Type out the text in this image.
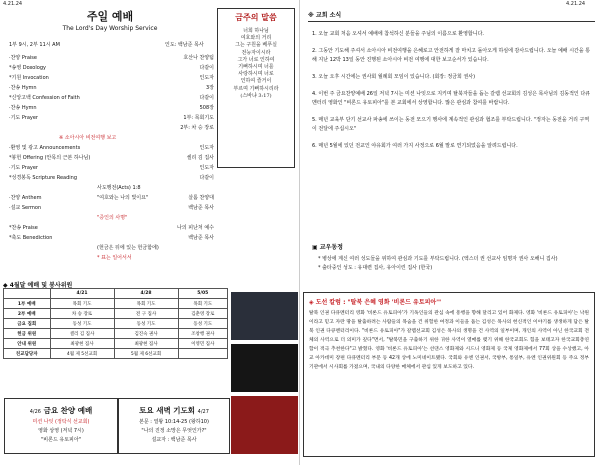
4.21.24	4.21.24
주일 예배
The Lord's Day Worship Service
1부 9시, 2부 11시 AM	인도: 백남준 목사
·찬양 Praise	호산나 찬양팀
*송영 Doxology	다같이
*기원 Invocation	인도자
·찬송 Hymn	3장
*신앙고백 Confession of Faith	다같이
·찬송 Hymn	508장
·기도 Prayer	1부: 목회기도
2부: 차 승 장로
※ 소아시아 비전여행 보고
·환영 및 광고 Announcements	인도자
*봉헌 Offering (안목의 근본 하나님)	셀리 김 집사
·기도 Prayer	인도자
*성경봉독 Scripture Reading	다같이
사도행전(Acts) 1:8
·찬양 Anthem	"여호와는 나의 빛이요"	살롬 찬양대
·설교 Sermon	백남준 목사
"증인의 사명"
*찬송 Praise	나의 피난처 예수
*축도 Benediction	백남준 목사
(헌금은 뒤에 있는 헌금함에)
* 표는 일어서서
금주의 말씀
너희 하나님
여호와의 거리
그는 구원을 베푸실
전능자이시라
그가 너로 인하여
기뻐하시며 너를
사랑하시며 너로
인하여 즐거이
부르며 기뻐하시리라
(스바냐 3:17)
◆ 4월달 예배 및 봉사위원
	4/21	4/28	5/05
1부 예배	목회 기도	목회 기도	목회 기도
2부 예배	차 승 장로	전 구 집사	김춘영 장로
금요 집회	동성 기도	동성 기도	동성 기도
헌금 위원	셀리 김 집사	김진숙 권사	조창행 권사
안내 위원	최광현 집사	최광현 집사	이영민 집사
친교담당자	4월 제 5선교회	5월 제 6선교회	
4/26 금요 찬양 예배
미션 나잇 (정탁식 선교회)
영화 상영 (저녁 7시)
"비론드 유토피아"
토요 새벽 기도회 4/27
본문 : 열왕 10:14-25 (왕하10)
"나의 진정 소망은 무엇인가?"
설교자 : 백남준 목사
※ 교회 소식

1. 오늘 교회 처음 오셔서 예배에 참석하신 분들을 주님의 이름으로 환영합니다.

2. 그동안 기도해 주셔서 소아시아 비전여행을 은혜로고 안전하게 잘 마치고 돌아오게 하심에 감사드립니다. 오늘 예배 시간을 통해 지난 12박 13일 동안 진행된 소아시아 비전 여행에 대한 보고순서가 있습니다.

3. 오늘 오후 시간에는 권사회 월례회 모임이 있습니다. (회장: 정금희 권사)

4. 이번 주 금요찬양예배 26일 저녁 7시는 미션 나잇으로 지키며 탈북자들을 돕는 갈렙 선교회의 김성은 목사님의 김동적인 다큐멘터리 영화인 "비론드 유토피아"를 본 교회에서 상영합니다. 많은 관심과 참여를 바랍니다.

5. 매년 교육부 단기 선교사 파송에 쓰이는 동전 모으기 행사에 계속적인 관심과 협조를 부탁드립니다. "정자는 동전을 거리 구역이 전달에 주십시오"

6. 매년 5월에 있던 전교인 야유회가 여러 가지 사정으로 6월 말로 연기되었음을 알려드립니다.

▣ 교우동정
* 병상에 계신 여러 성도들을 위하여 관심과 기도를 부탁드립니다. (엑스더 권 선교사 임명자 권사 오해니 집사)
* 출타중인 성도 : 유대련 집사, 유아이린 집사 (한국)
◈ 도선 칼럼 : "탈북 은혜 영화 '비론드 유토피아'"
탈북 인권 다큐멘터리 영화 '비론드 유토피아'가 기독인들의 관심 속에 흥행을 향해 달리고 있어 화제다. 영화 '비론드 유토피아'는 낙원이라고 믿고 자란 땅을 탈출하려는 사람들의 목숨을 건 위험한 여정과 이들을 돕는 김성은 목사의 헌신적인 이야기를 생생하게 담은 탈북 인권 다큐멘터리이다. "비론드 유토피아"가 갈렙선교회 김성은 목사의 생명을 건 사역의 일부이며, 개인의 사역이 아닌 한국교회 전체의 사역으로 더 의미가 깊다"면서, "탈북민을 구출하기 위한 귀한 사역이 열매를 맺기 위해 한국교회도 힘을 보태고자 한국교회총연합이 적극 추천한다"고 밝혔다. 영화 '비론드 유토피아'는 선댄스 영화제와 시드니 영화제 등 국제 영화제에서 77회 상을 수상했고, 아교 아카데미 장편 다큐멘터리 부문 등 42개 상에 노미네이트됐다. 국회와 유엔 인권서, 국방부, 통일부, 유엔 인권위원회 등 주요 정부기관에서 시사회를 가졌으며, 국내의 다양한 매체에서 관심 있게 보도하고 있다.
